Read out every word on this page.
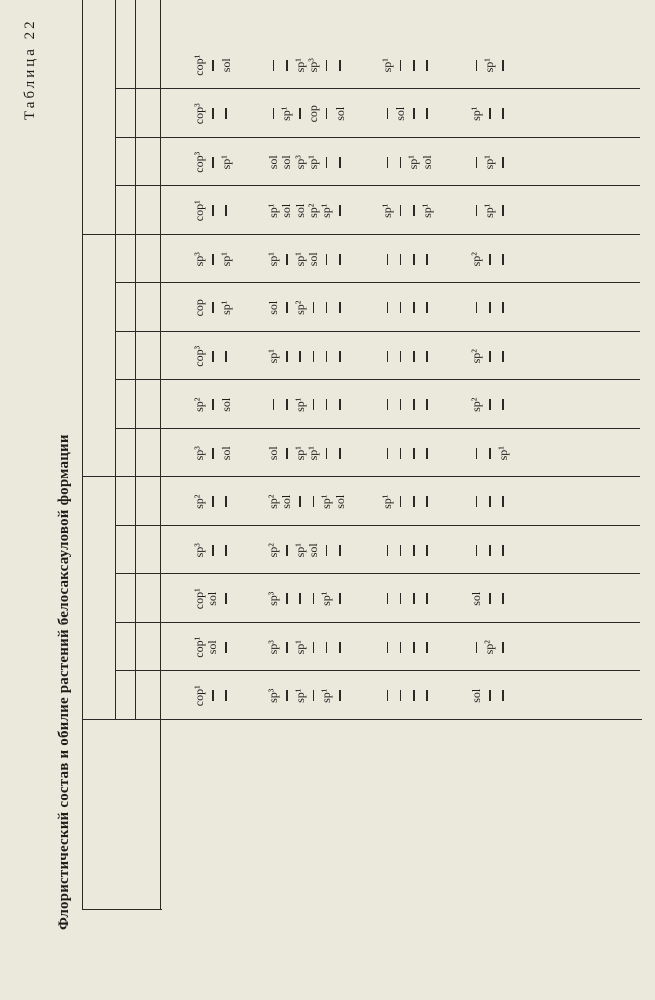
Таблица 22
Флористический состав и обилие растений белосаксауловой формации	cop¹
cop¹
cop¹
sp³
sp²
sp³
sp²
cop³
cop
sp³
cop¹
cop³
cop³
cop¹
sol
sol
sol
sol
sp¹
sp¹
sp¹
sol
sp³
sp³
sp³
sp²
sp²
sol
sp¹
sol
sp¹
sp¹
sol
sol
sol
sol
sp¹
sp¹
sp¹
sp¹
sp¹
sp¹
sp²
sp¹
sol
sp³
sp¹
sol
sp¹
sol
sp²
sp¹
cop
sp³
sp¹
sp¹
sp¹
sp¹
sol
sol
sp¹
sp¹
sp¹
sol
sp¹
sp¹
sol
sol
sol
sp²
sp²
sp²
sp¹
sp²
sp¹
sp¹
sp¹
sp¹
